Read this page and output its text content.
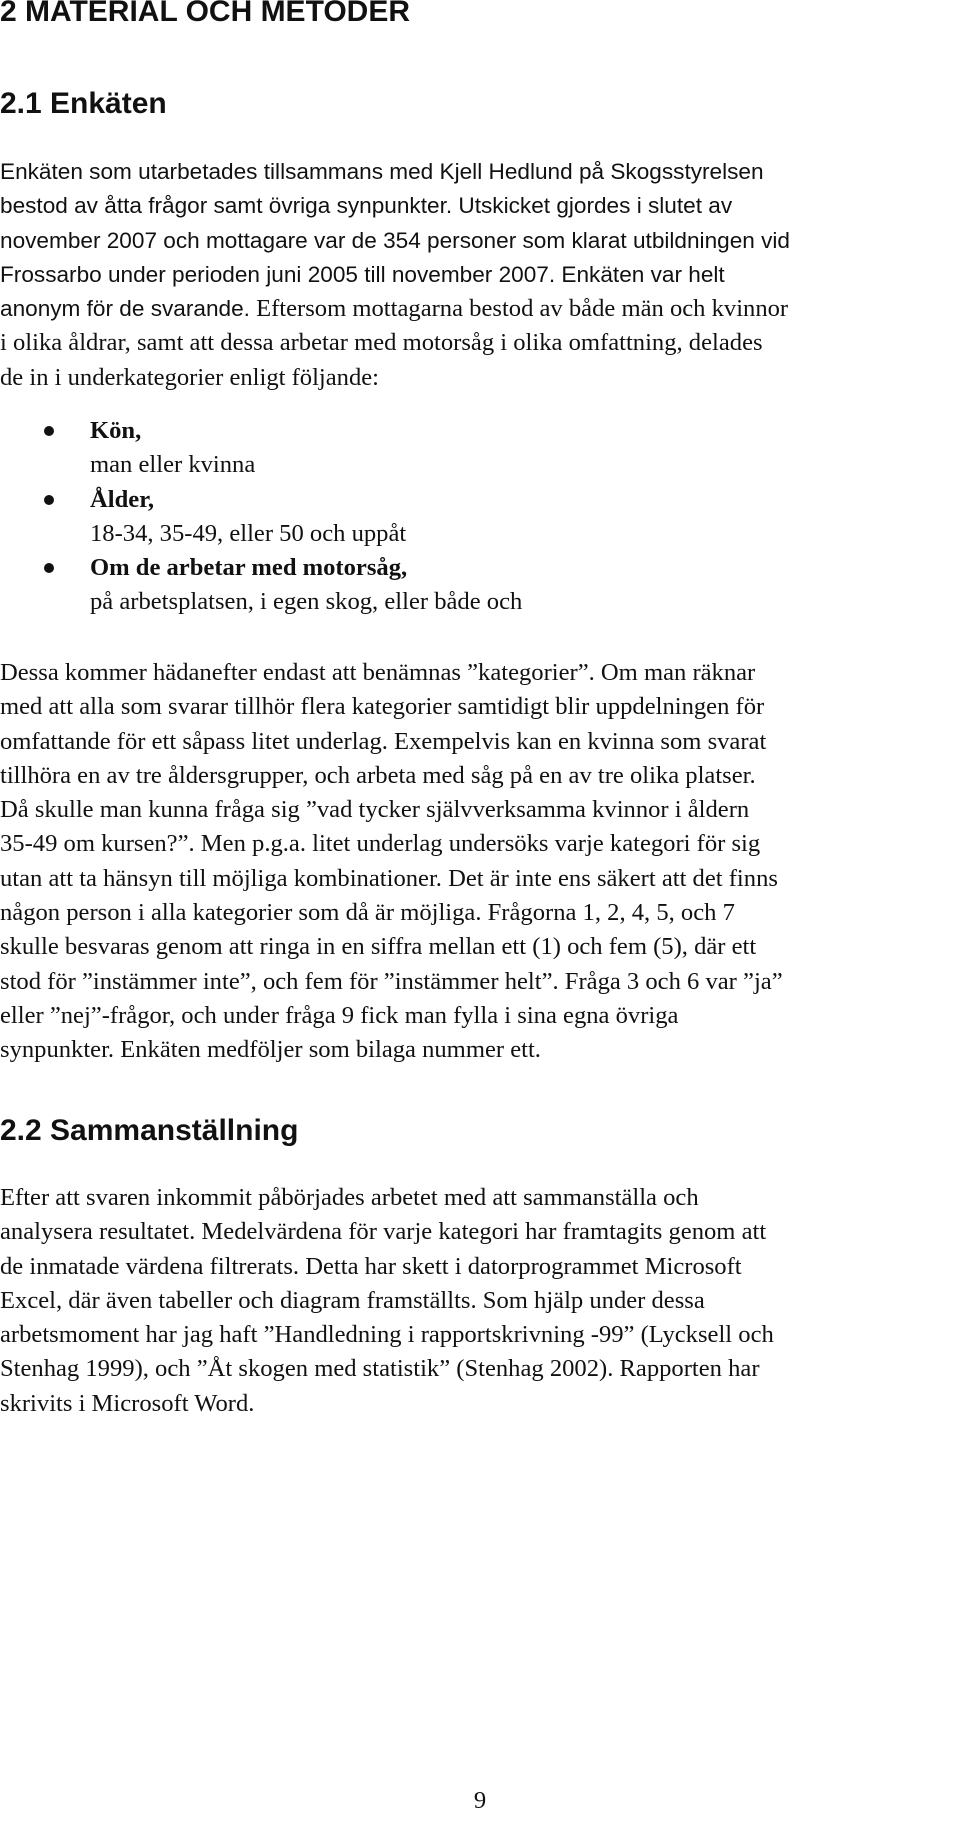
2 MATERIAL OCH METODER
2.1 Enkäten
Enkäten som utarbetades tillsammans med Kjell Hedlund på Skogsstyrelsen
bestod av åtta frågor samt övriga synpunkter. Utskicket gjordes i slutet av
november 2007 och mottagare var de 354 personer som klarat utbildningen vid
Frossarbo under perioden juni 2005 till november 2007. Enkäten var helt
anonym för de svarande. Eftersom mottagarna bestod av både män och kvinnor
i olika åldrar, samt att dessa arbetar med motorsåg i olika omfattning, delades
de in i underkategorier enligt följande:
Kön,
man eller kvinna
Ålder,
18-34, 35-49, eller 50 och uppåt
Om de arbetar med motorsåg,
på arbetsplatsen, i egen skog, eller både och
Dessa kommer hädanefter endast att benämnas ”kategorier”. Om man räknar
med att alla som svarar tillhör flera kategorier samtidigt blir uppdelningen för
omfattande för ett såpass litet underlag. Exempelvis kan en kvinna som svarat
tillhöra en av tre åldersgrupper, och arbeta med såg på en av tre olika platser.
Då skulle man kunna fråga sig ”vad tycker självverksamma kvinnor i åldern
35-49 om kursen?”. Men p.g.a. litet underlag undersöks varje kategori för sig
utan att ta hänsyn till möjliga kombinationer. Det är inte ens säkert att det finns
någon person i alla kategorier som då är möjliga. Frågorna 1, 2, 4, 5, och 7
skulle besvaras genom att ringa in en siffra mellan ett (1) och fem (5), där ett
stod för ”instämmer inte”, och fem för ”instämmer helt”. Fråga 3 och 6 var ”ja”
eller ”nej”-frågor, och under fråga 9 fick man fylla i sina egna övriga
synpunkter. Enkäten medföljer som bilaga nummer ett.
2.2 Sammanställning
Efter att svaren inkommit påbörjades arbetet med att sammanställa och
analysera resultatet. Medelvärdena för varje kategori har framtagits genom att
de inmatade värdena filtrerats. Detta har skett i datorprogrammet Microsoft
Excel, där även tabeller och diagram framställts. Som hjälp under dessa
arbetsmoment har jag haft ”Handledning i rapportskrivning -99” (Lycksell och
Stenhag 1999), och ”Åt skogen med statistik” (Stenhag 2002). Rapporten har
skrivits i Microsoft Word.
9
